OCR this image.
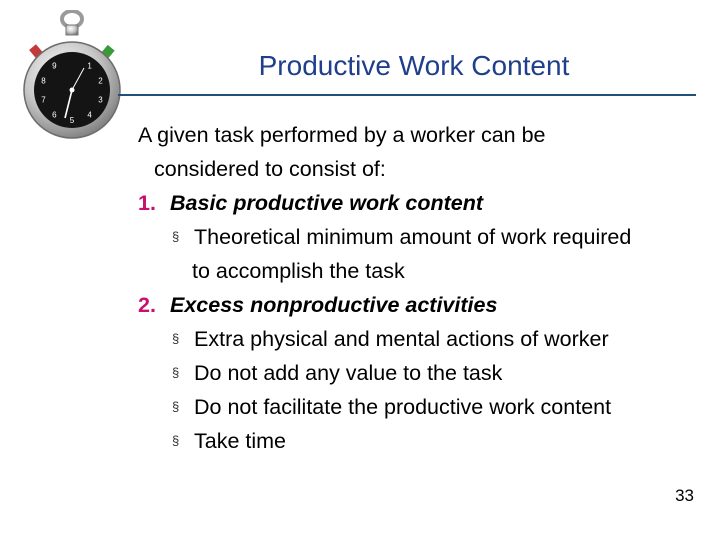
1
2
3
4
5
6
7
8
9	Productive Work Content
A given task performed by a worker can be
considered to consist of:
1. Basic productive work content
§ Theoretical minimum amount of work required
to accomplish the task
2. Excess nonproductive activities
§ Extra physical and mental actions of worker
§ Do not add any value to the task
§ Do not facilitate the productive work content
§ Take time
33
